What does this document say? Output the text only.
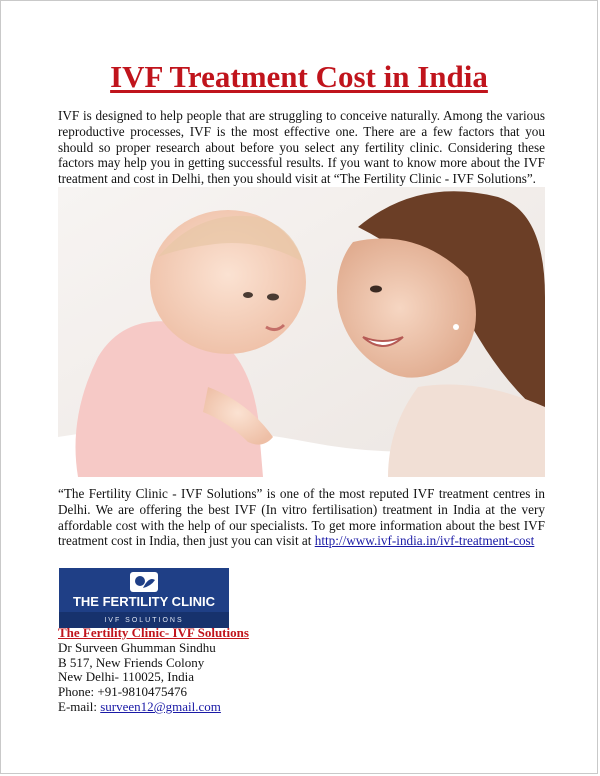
IVF Treatment Cost in India

IVF is designed to help people that are struggling to conceive naturally. Among the various reproductive processes, IVF is the most effective one. There are a few factors that you should so proper research about before you select any fertility clinic. Considering these factors may help you in getting successful results. If you want to know more about the IVF treatment and cost in Delhi, then you should visit at “The Fertility Clinic - IVF Solutions”.

“The Fertility Clinic - IVF Solutions” is one of the most reputed IVF treatment centres in Delhi. We are offering the best IVF (In vitro fertilisation) treatment in India at the very affordable cost with the help of our specialists. To get more information about the best IVF treatment cost in India, then just you can visit at http://www.ivf-india.in/ivf-treatment-cost

THE FERTILITY CLINIC
IVF SOLUTIONS
The Fertility Clinic- IVF Solutions
Dr Surveen Ghumman Sindhu
B 517, New Friends Colony
New Delhi- 110025, India
Phone: +91-9810475476
E-mail: surveen12@gmail.com
